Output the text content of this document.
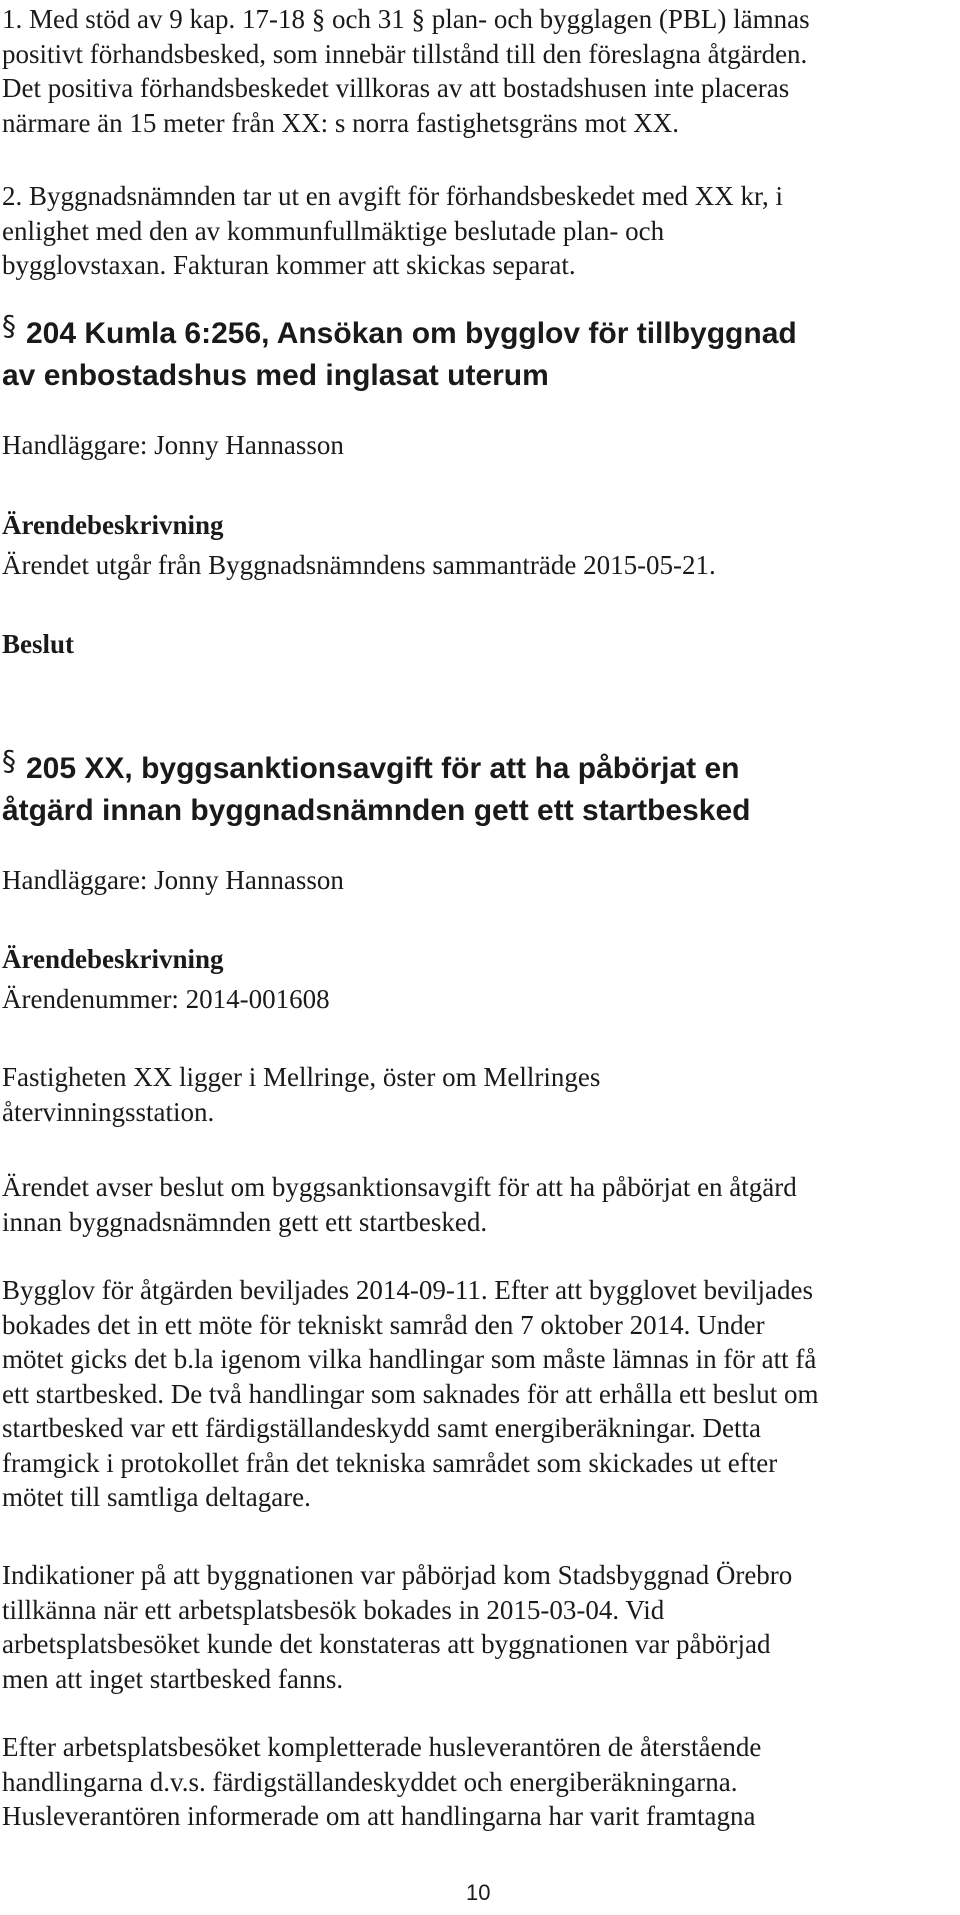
1. Med stöd av 9 kap. 17-18 § och 31 § plan- och bygglagen (PBL) lämnas

positivt förhandsbesked, som innebär tillstånd till den föreslagna åtgärden.

Det positiva förhandsbeskedet villkoras av att bostadshusen inte placeras

närmare än 15 meter från XX: s norra fastighetsgräns mot XX.

2. Byggnadsnämnden tar ut en avgift för förhandsbeskedet med XX kr, i

enlighet med den av kommunfullmäktige beslutade plan- och

bygglovstaxan. Fakturan kommer att skickas separat.

§ 204 Kumla 6:256, Ansökan om bygglov för tillbyggnad
av enbostadshus med inglasat uterum
Handläggare: Jonny Hannasson
Ärendebeskrivning
Ärendet utgår från Byggnadsnämndens sammanträde 2015-05-21.
Beslut
§ 205 XX, byggsanktionsavgift för att ha påbörjat en
åtgärd innan byggnadsnämnden gett ett startbesked
Handläggare: Jonny Hannasson
Ärendebeskrivning
Ärendenummer: 2014-001608

Fastigheten XX ligger i Mellringe, öster om Mellringes

återvinningsstation.

Ärendet avser beslut om byggsanktionsavgift för att ha påbörjat en åtgärd

innan byggnadsnämnden gett ett startbesked.

Bygglov för åtgärden beviljades 2014-09-11. Efter att bygglovet beviljades

bokades det in ett möte för tekniskt samråd den 7 oktober 2014. Under

mötet gicks det b.la igenom vilka handlingar som måste lämnas in för att få

ett startbesked. De två handlingar som saknades för att erhålla ett beslut om

startbesked var ett färdigställandeskydd samt energiberäkningar. Detta

framgick i protokollet från det tekniska samrådet som skickades ut efter

mötet till samtliga deltagare.

Indikationer på att byggnationen var påbörjad kom Stadsbyggnad Örebro

tillkänna när ett arbetsplatsbesök bokades in 2015-03-04. Vid

arbetsplatsbesöket kunde det konstateras att byggnationen var påbörjad

men att inget startbesked fanns.

Efter arbetsplatsbesöket kompletterade husleverantören de återstående

handlingarna d.v.s. färdigställandeskyddet och energiberäkningarna.

Husleverantören informerade om att handlingarna har varit framtagna

10
